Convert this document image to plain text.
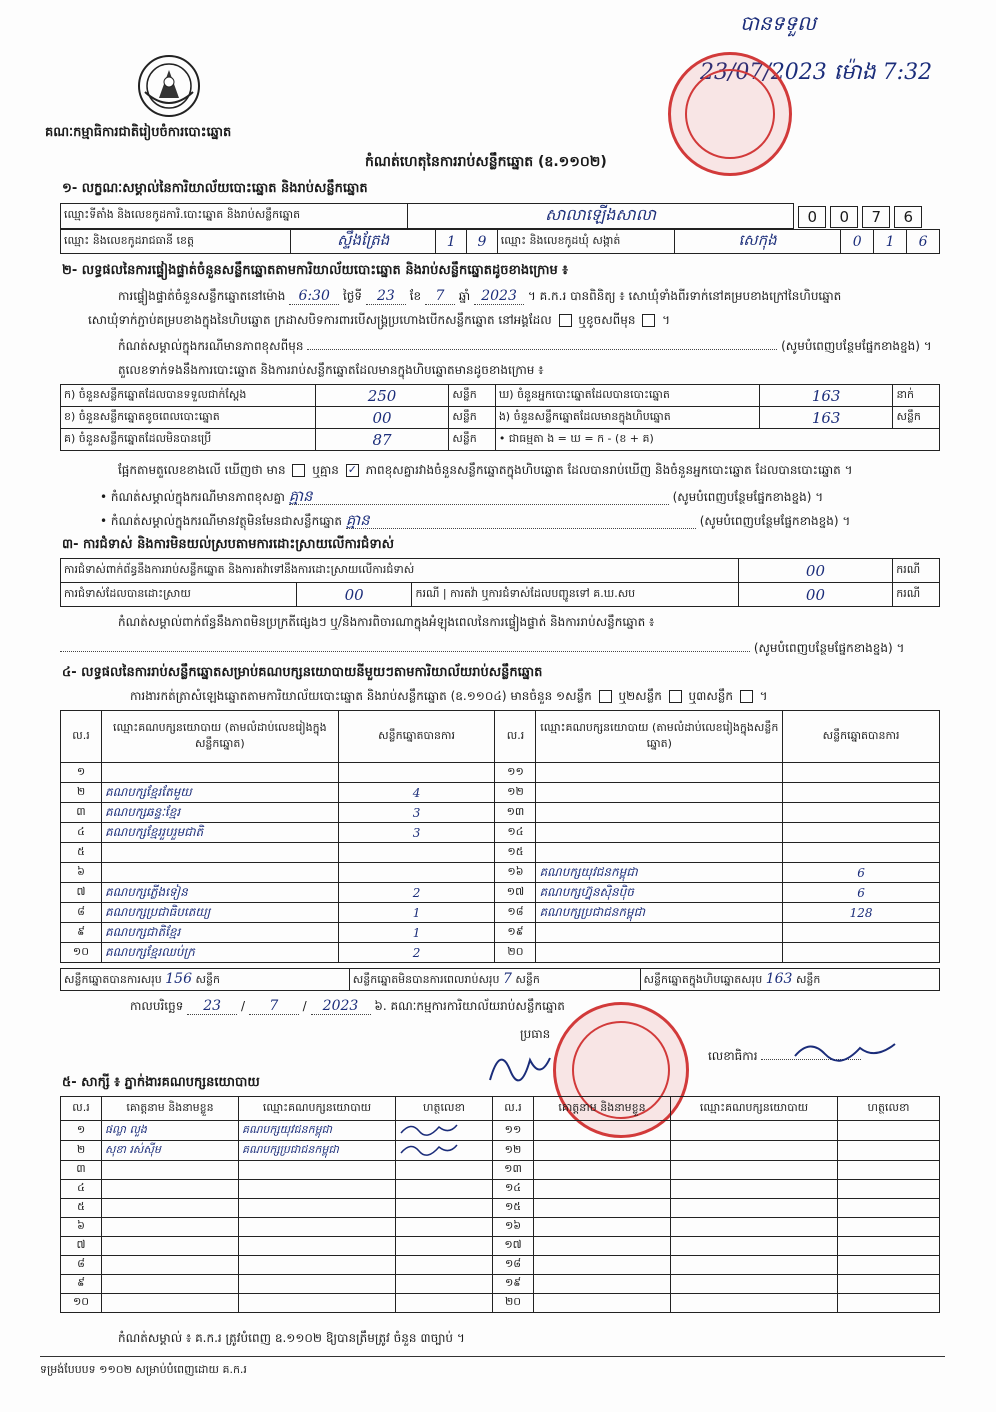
គណៈកម្មាធិការជាតិរៀបចំការបោះឆ្នោត
កំណត់ហេតុនៃការរាប់សន្លឹកឆ្នោត (ឧ.១១០២)
បានទទួល
23/07/2023 ម៉ោង 7:32
១- លក្ខណៈសម្គាល់នៃការិយាល័យបោះឆ្នោត និងរាប់សន្លឹកឆ្នោត
ឈ្មោះទីតាំង និងលេខកូដការិ.បោះឆ្នោត និងរាប់សន្លឹកឆ្នោត	សាលាឡើងសាលា	0	0	7	6
ឈ្មោះ និងលេខកូដរាជធានី ខេត្ត	ស្ទឹងត្រែង	1	9	ឈ្មោះ និងលេខកូដឃុំ សង្កាត់	សេកុង	0	1	6
២- លទ្ធផលនៃការផ្ទៀងផ្ទាត់ចំនួនសន្លឹកឆ្នោតតាមការិយាល័យបោះឆ្នោត និងរាប់សន្លឹកឆ្នោតដូចខាងក្រោម ៖
ការផ្ទៀងផ្ទាត់ចំនួនសន្លឹកឆ្នោតនៅម៉ោង 6:30 ថ្ងៃទី 23 ខែ 7 ឆ្នាំ 2023 ។ គ.ក.រ បានពិនិត្យ ៖ សោឃុំទាំងពីរទាក់នៅគម្របខាងក្រៅនៃហិបឆ្នោត
សោឃុំទាក់ភ្ជាប់គម្របខាងក្នុងនៃហិបឆ្នោត ក្រដាសបិទការពារបើសង្គ្រប្រហោងបើកសន្លឹកឆ្នោត នៅអង្គដែល ឬខូចសពីមុន  ។
កំណត់សម្គាល់ក្នុងករណីមានភាពខុសពីមុន	(សូមបំពេញបន្ថែមផ្នែកខាងខ្នង) ។
តួលេខទាក់ទងនឹងការបោះឆ្នោត និងការរាប់សន្លឹកឆ្នោតដែលមានក្នុងហិបឆ្នោតមានដូចខាងក្រោម ៖
ក) ចំនួនសន្លឹកឆ្នោតដែលបានទទួលជាក់ស្តែង	250	សន្លឹក	ឃ) ចំនួនអ្នកបោះឆ្នោតដែលបានបោះឆ្នោត	163	នាក់
ខ) ចំនួនសន្លឹកឆ្នោតខូចពេលបោះឆ្នោត	00	សន្លឹក	ង) ចំនួនសន្លឹកឆ្នោតដែលមានក្នុងហិបឆ្នោត	163	សន្លឹក
គ) ចំនួនសន្លឹកឆ្នោតដែលមិនបានប្រើ	87	សន្លឹក	• ជាធម្មតា ង = ឃ = ក - (ខ + គ)		
ផ្អែកតាមតួលេខខាងលើ ឃើញថា មាន ឬគ្មាន ✓ ភាពខុសគ្នារវាងចំនួនសន្លឹកឆ្នោតក្នុងហិបឆ្នោត ដែលបានរាប់ឃើញ និងចំនួនអ្នកបោះឆ្នោត ដែលបានបោះឆ្នោត ។
• កំណត់សម្គាល់ក្នុងករណីមានភាពខុសគ្នា គ្មាន	(សូមបំពេញបន្ថែមផ្នែកខាងខ្នង) ។
• កំណត់សម្គាល់ក្នុងករណីមានវត្ថុមិនមែនជាសន្លឹកឆ្នោត គ្មាន	(សូមបំពេញបន្ថែមផ្នែកខាងខ្នង) ។
៣- ការជំទាស់ និងការមិនយល់ស្របតាមការដោះស្រាយលើការជំទាស់
ការជំទាស់ពាក់ព័ន្ធនឹងការរាប់សន្លឹកឆ្នោត និងការតវ៉ាទៅនឹងការដោះស្រាយលើការជំទាស់			00	ករណី
ការជំទាស់ដែលបានដោះស្រាយ	00	ករណី | ការតវ៉ា ឬការជំទាស់ដែលបញ្ជូនទៅ គ.ឃ.សប	00	ករណី
កំណត់សម្គាល់ពាក់ព័ន្ធនឹងភាពមិនប្រក្រតីផ្សេងៗ ឬ/និងការពិចារណាក្នុងអំឡុងពេលនៃការផ្ទៀងផ្ទាត់ និងការរាប់សន្លឹកឆ្នោត ៖
(សូមបំពេញបន្ថែមផ្នែកខាងខ្នង) ។
៤- លទ្ធផលនៃការរាប់សន្លឹកឆ្នោតសម្រាប់គណបក្សនយោបាយនីមួយៗតាមការិយាល័យរាប់សន្លឹកឆ្នោត
ការងារកត់ត្រាសំឡេងឆ្នោតតាមការិយាល័យបោះឆ្នោត និងរាប់សន្លឹកឆ្នោត (ឧ.១១០៤) មានចំនួន ១សន្លឹក ឬ២សន្លឹក ឬ៣សន្លឹក  ។
ល.រ	ឈ្មោះគណបក្សនយោបាយ (តាមលំដាប់លេខរៀងក្នុងសន្លឹកឆ្នោត)	សន្លឹកឆ្នោតបានការ	ល.រ	ឈ្មោះគណបក្សនយោបាយ (តាមលំដាប់លេខរៀងក្នុងសន្លឹកឆ្នោត)	សន្លឹកឆ្នោតបានការ
១			១១		
២	គណបក្សខ្មែរតែមួយ	4	១២		
៣	គណបក្សឆន្ទៈខ្មែរ	3	១៣		
៤	គណបក្សខ្មែររួបរួមជាតិ	3	១៤		
៥			១៥		
៦			១៦	គណបក្សយុវជនកម្ពុជា	6
៧	គណបក្សភ្លើងទៀន	2	១៧	គណបក្សហ្វ៊ុនស៊ិនប៉ិច	6
៨	គណបក្សប្រជាធិបតេយ្យ	1	១៨	គណបក្សប្រជាជនកម្ពុជា	128
៩	គណបក្សជាតិខ្មែរ	1	១៩		
១០	គណបក្សខ្មែរឈប់ក្រ	2	២០		
សន្លឹកឆ្នោតបានការសរុប 156 សន្លឹក	សន្លឹកឆ្នោតមិនបានការពេលរាប់សរុប 7 សន្លឹក	សន្លឹកឆ្នោតក្នុងហិបឆ្នោតសរុប 163 សន្លឹក
កាលបរិច្ឆេទ 23 / 7 / 2023 ៦. គណៈកម្មការការិយាល័យរាប់សន្លឹកឆ្នោត
ប្រធាន
លេខាធិការ
៥- សាក្សី ៖ ភ្នាក់ងារគណបក្សនយោបាយ
ល.រ	គោត្តនាម និងនាមខ្លួន	ឈ្មោះគណបក្សនយោបាយ	ហត្ថលេខា	ល.រ	គោត្តនាម និងនាមខ្លួន	ឈ្មោះគណបក្សនយោបាយ	ហត្ថលេខា
១	ផល្លា លួង	គណបក្សយុវជនកម្ពុជា		១១			
២	សុខា រស់ស៊ីម	គណបក្សប្រជាជនកម្ពុជា		១២			
៣				១៣			
៤				១៤			
៥				១៥			
៦				១៦			
៧				១៧			
៨				១៨			
៩				១៩			
១០				២០			
កំណត់សម្គាល់ ៖ គ.ក.រ ត្រូវបំពេញ ឧ.១១០២ ឱ្យបានត្រឹមត្រូវ ចំនួន ៣ច្បាប់ ។
ទម្រង់បែបបទ ១១០២ សម្រាប់បំពេញដោយ គ.ក.រ
